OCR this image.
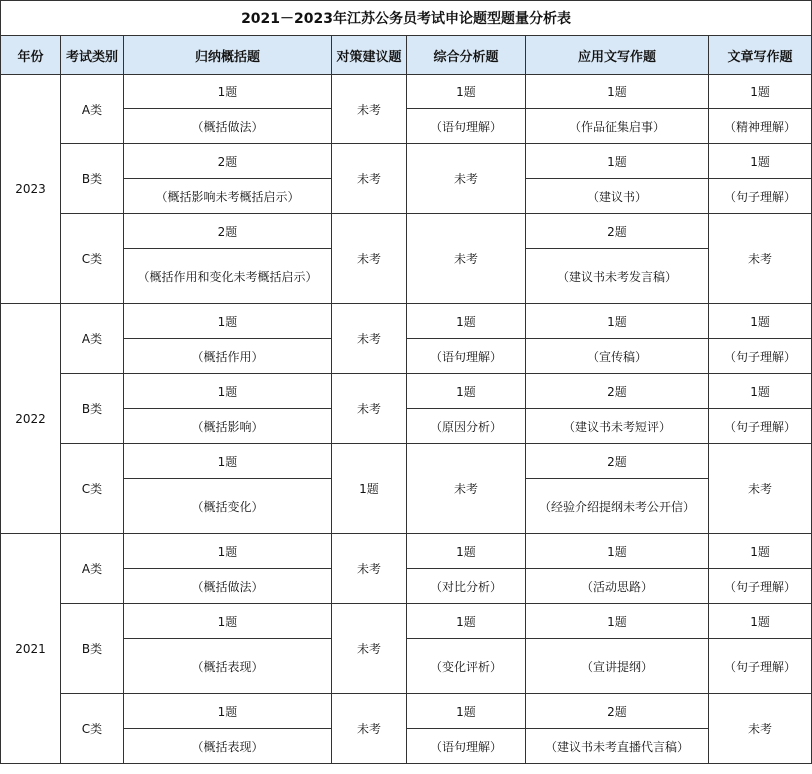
2021－2023年江苏公务员考试申论题型题量分析表						
年份	考试类别	归纳概括题	对策建议题	综合分析题	应用文写作题	文章写作题
2023	A类	1题	未考	1题	1题	1题
		（概括做法）		（语句理解）	（作品征集启事）	（精神理解）
	B类	2题	未考	未考	1题	1题
		（概括影响未考概括启示）			（建议书）	（句子理解）
	C类	2题	未考	未考	2题	未考
		（概括作用和变化未考概括启示）			（建议书未考发言稿）	
2022	A类	1题	未考	1题	1题	1题
		（概括作用）		（语句理解）	（宣传稿）	（句子理解）
	B类	1题	未考	1题	2题	1题
		（概括影响）		（原因分析）	（建议书未考短评）	（句子理解）
	C类	1题	1题	未考	2题	未考
		（概括变化）			（经验介绍提纲未考公开信）	
2021	A类	1题	未考	1题	1题	1题
		（概括做法）		（对比分析）	（活动思路）	（句子理解）
	B类	1题	未考	1题	1题	1题
		（概括表现）		（变化评析）	（宣讲提纲）	（句子理解）
	C类	1题	未考	1题	2题	未考
		（概括表现）		（语句理解）	（建议书未考直播代言稿）	
